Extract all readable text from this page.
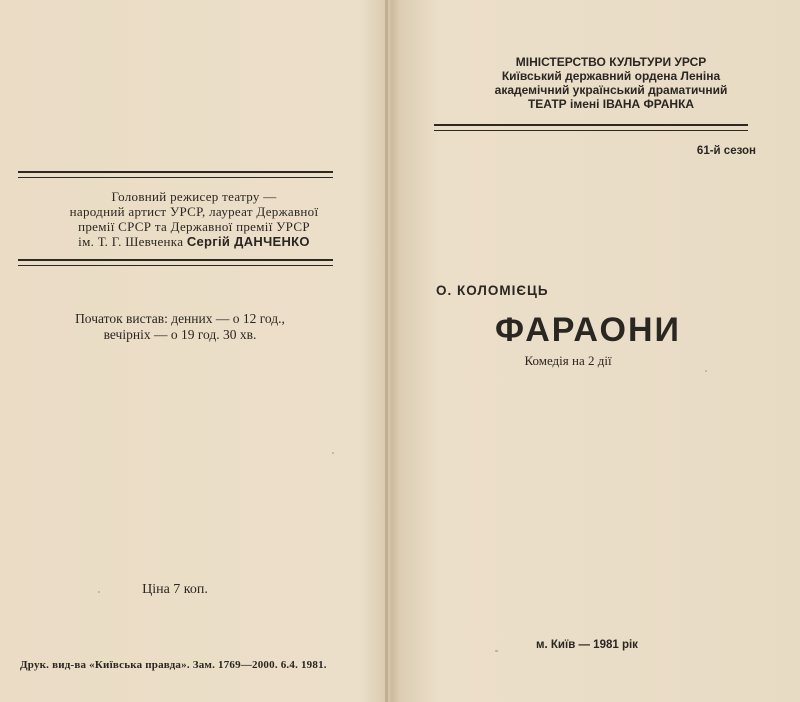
Головний режисер театру —
народний артист УРСР, лауреат Державної
премії СРСР та Державної премії УРСР
ім. Т. Г. Шевченка Сергій ДАНЧЕНКО
Початок вистав: денних — о 12 год.,
вечірніх — о 19 год. 30 хв.
Ціна 7 коп.
Друк. вид-ва «Київська правда». Зам. 1769—2000. 6.4. 1981.
МІНІСТЕРСТВО КУЛЬТУРИ УРСР
Київський державний ордена Леніна
академічний український драматичний
ТЕАТР імені ІВАНА ФРАНКА
61-й сезон
О. КОЛОМІЄЦЬ
ФАРАОНИ
Комедія на 2 дії
м. Київ — 1981 рік
